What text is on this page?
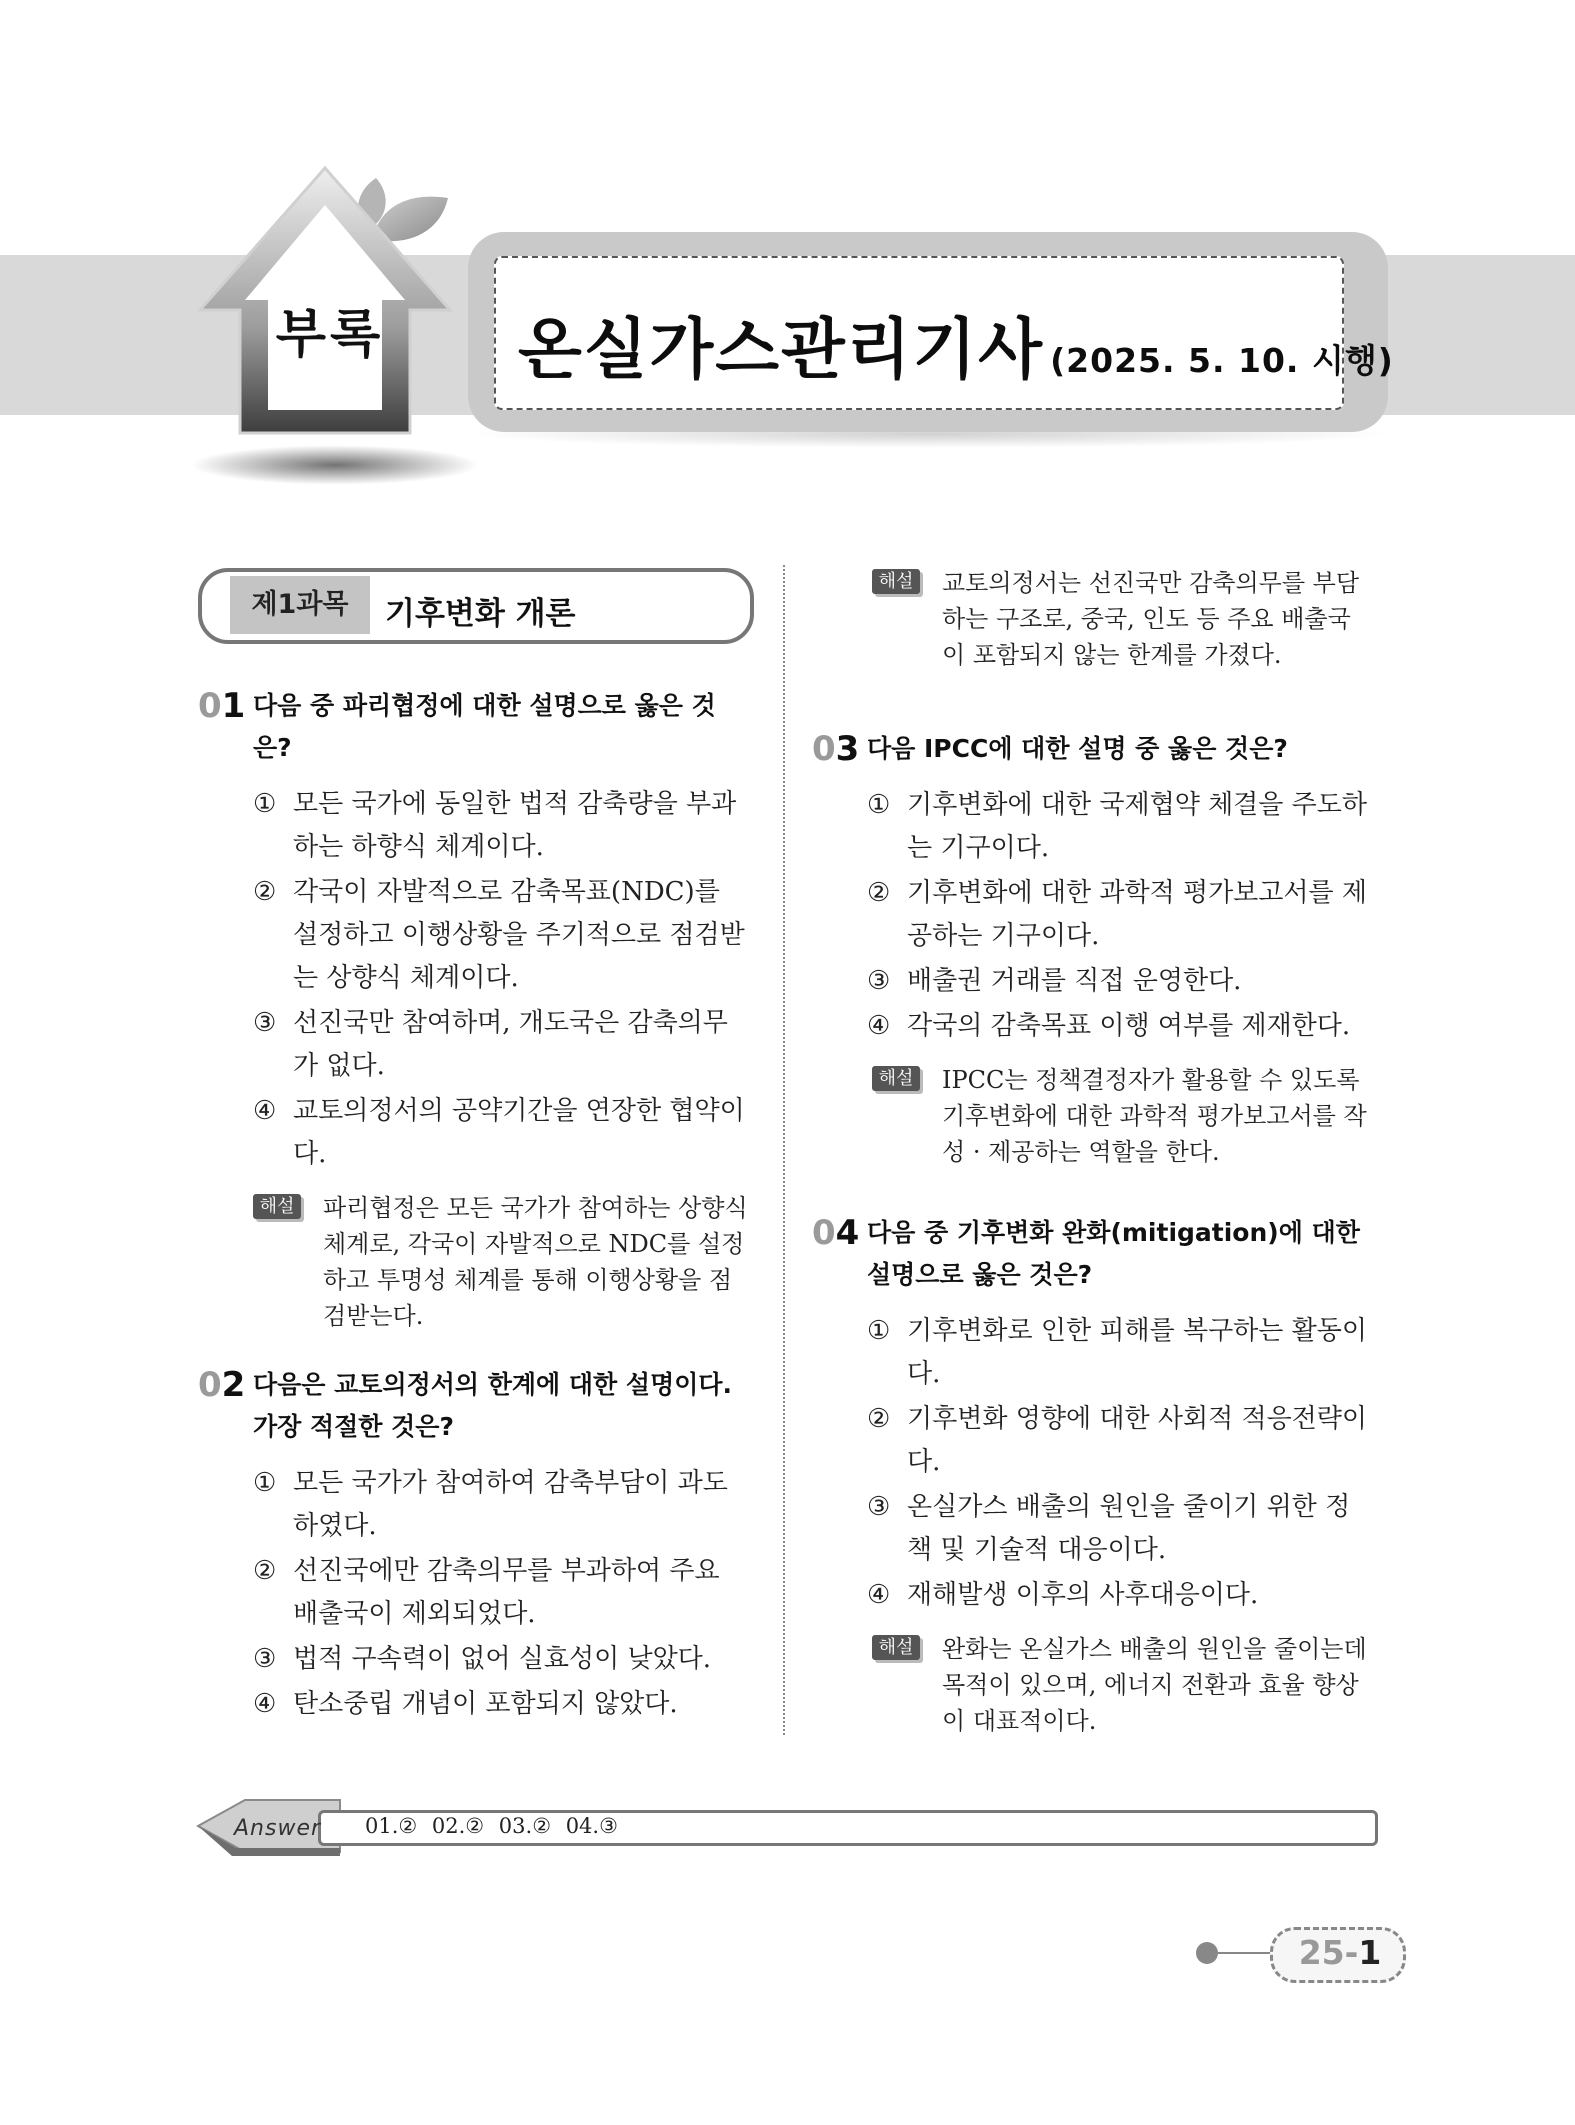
온실가스관리기사 (2025. 5. 10. 시행)
부록
제1과목	기후변화 개론
01 다음 중 파리협정에 대한 설명으로 옳은 것은?
① 모든 국가에 동일한 법적 감축량을 부과하는 하향식 체계이다.
② 각국이 자발적으로 감축목표(NDC)를 설정하고 이행상황을 주기적으로 점검받는 상향식 체계이다.
③ 선진국만 참여하며, 개도국은 감축의무가 없다.
④ 교토의정서의 공약기간을 연장한 협약이다.
해설 파리협정은 모든 국가가 참여하는 상향식 체계로, 각국이 자발적으로 NDC를 설정하고 투명성 체계를 통해 이행상황을 점검받는다.
02 다음은 교토의정서의 한계에 대한 설명이다. 가장 적절한 것은?
① 모든 국가가 참여하여 감축부담이 과도하였다.
② 선진국에만 감축의무를 부과하여 주요 배출국이 제외되었다.
③ 법적 구속력이 없어 실효성이 낮았다.
④ 탄소중립 개념이 포함되지 않았다.
해설 교토의정서는 선진국만 감축의무를 부담하는 구조로, 중국, 인도 등 주요 배출국이 포함되지 않는 한계를 가졌다.
03 다음 IPCC에 대한 설명 중 옳은 것은?
① 기후변화에 대한 국제협약 체결을 주도하는 기구이다.
② 기후변화에 대한 과학적 평가보고서를 제공하는 기구이다.
③ 배출권 거래를 직접 운영한다.
④ 각국의 감축목표 이행 여부를 제재한다.
해설 IPCC는 정책결정자가 활용할 수 있도록 기후변화에 대한 과학적 평가보고서를 작성 · 제공하는 역할을 한다.
04 다음 중 기후변화 완화(mitigation)에 대한 설명으로 옳은 것은?
① 기후변화로 인한 피해를 복구하는 활동이다.
② 기후변화 영향에 대한 사회적 적응전략이다.
③ 온실가스 배출의 원인을 줄이기 위한 정책 및 기술적 대응이다.
④ 재해발생 이후의 사후대응이다.
해설 완화는 온실가스 배출의 원인을 줄이는데 목적이 있으며, 에너지 전환과 효율 향상이 대표적이다.
Answer 01.② 02.② 03.② 04.③
25-1
